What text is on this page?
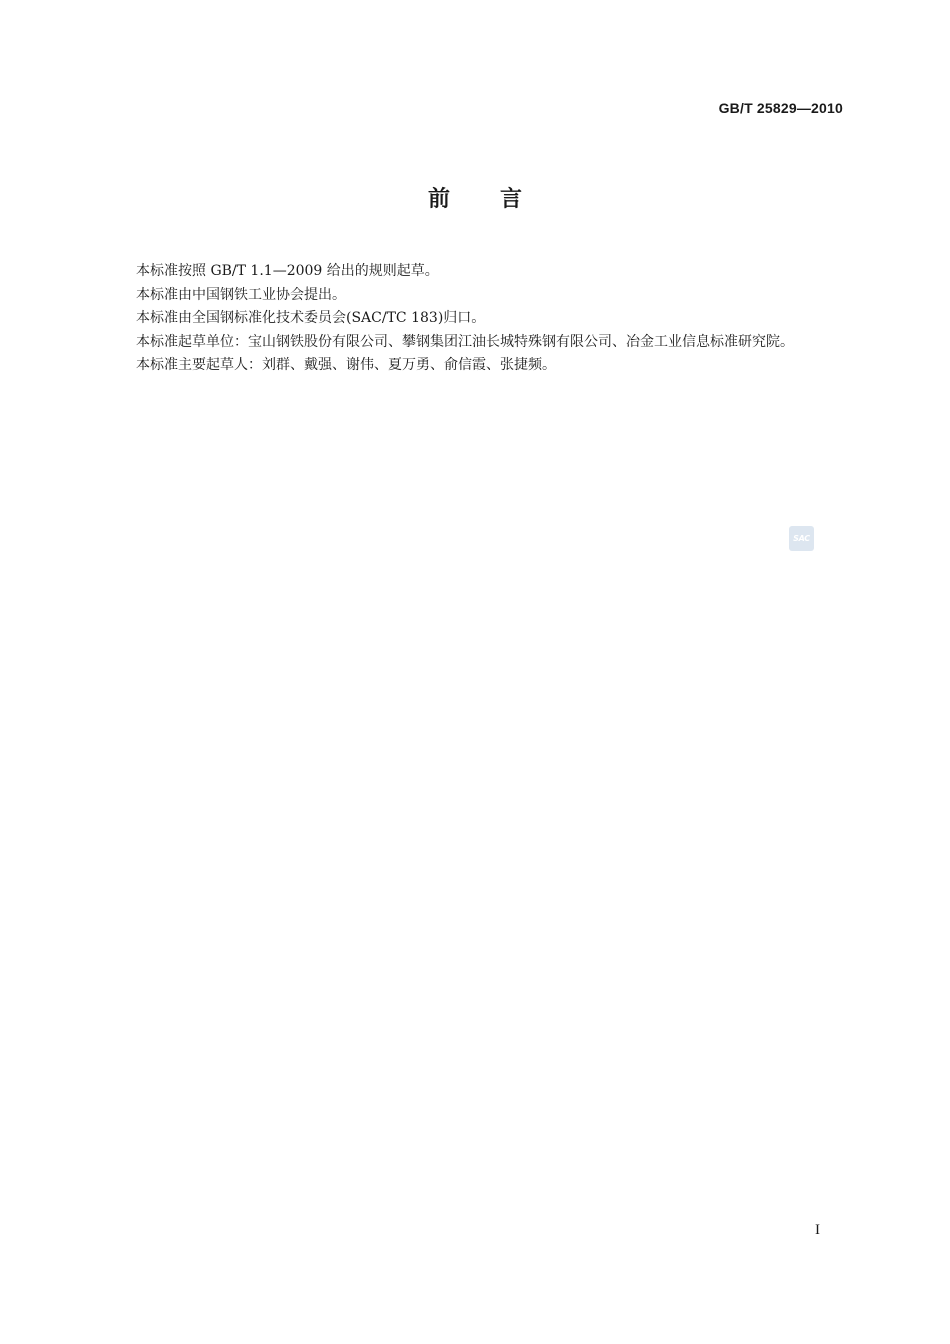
GB/T 25829—2010
前言

本标准按照 GB/T 1.1—2009 给出的规则起草。

本标准由中国钢铁工业协会提出。

本标准由全国钢标准化技术委员会(SAC/TC 183)归口。

本标准起草单位：宝山钢铁股份有限公司、攀钢集团江油长城特殊钢有限公司、冶金工业信息标准研究院。

本标准主要起草人：刘群、戴强、谢伟、夏万勇、俞信霞、张捷频。

SAC
I
